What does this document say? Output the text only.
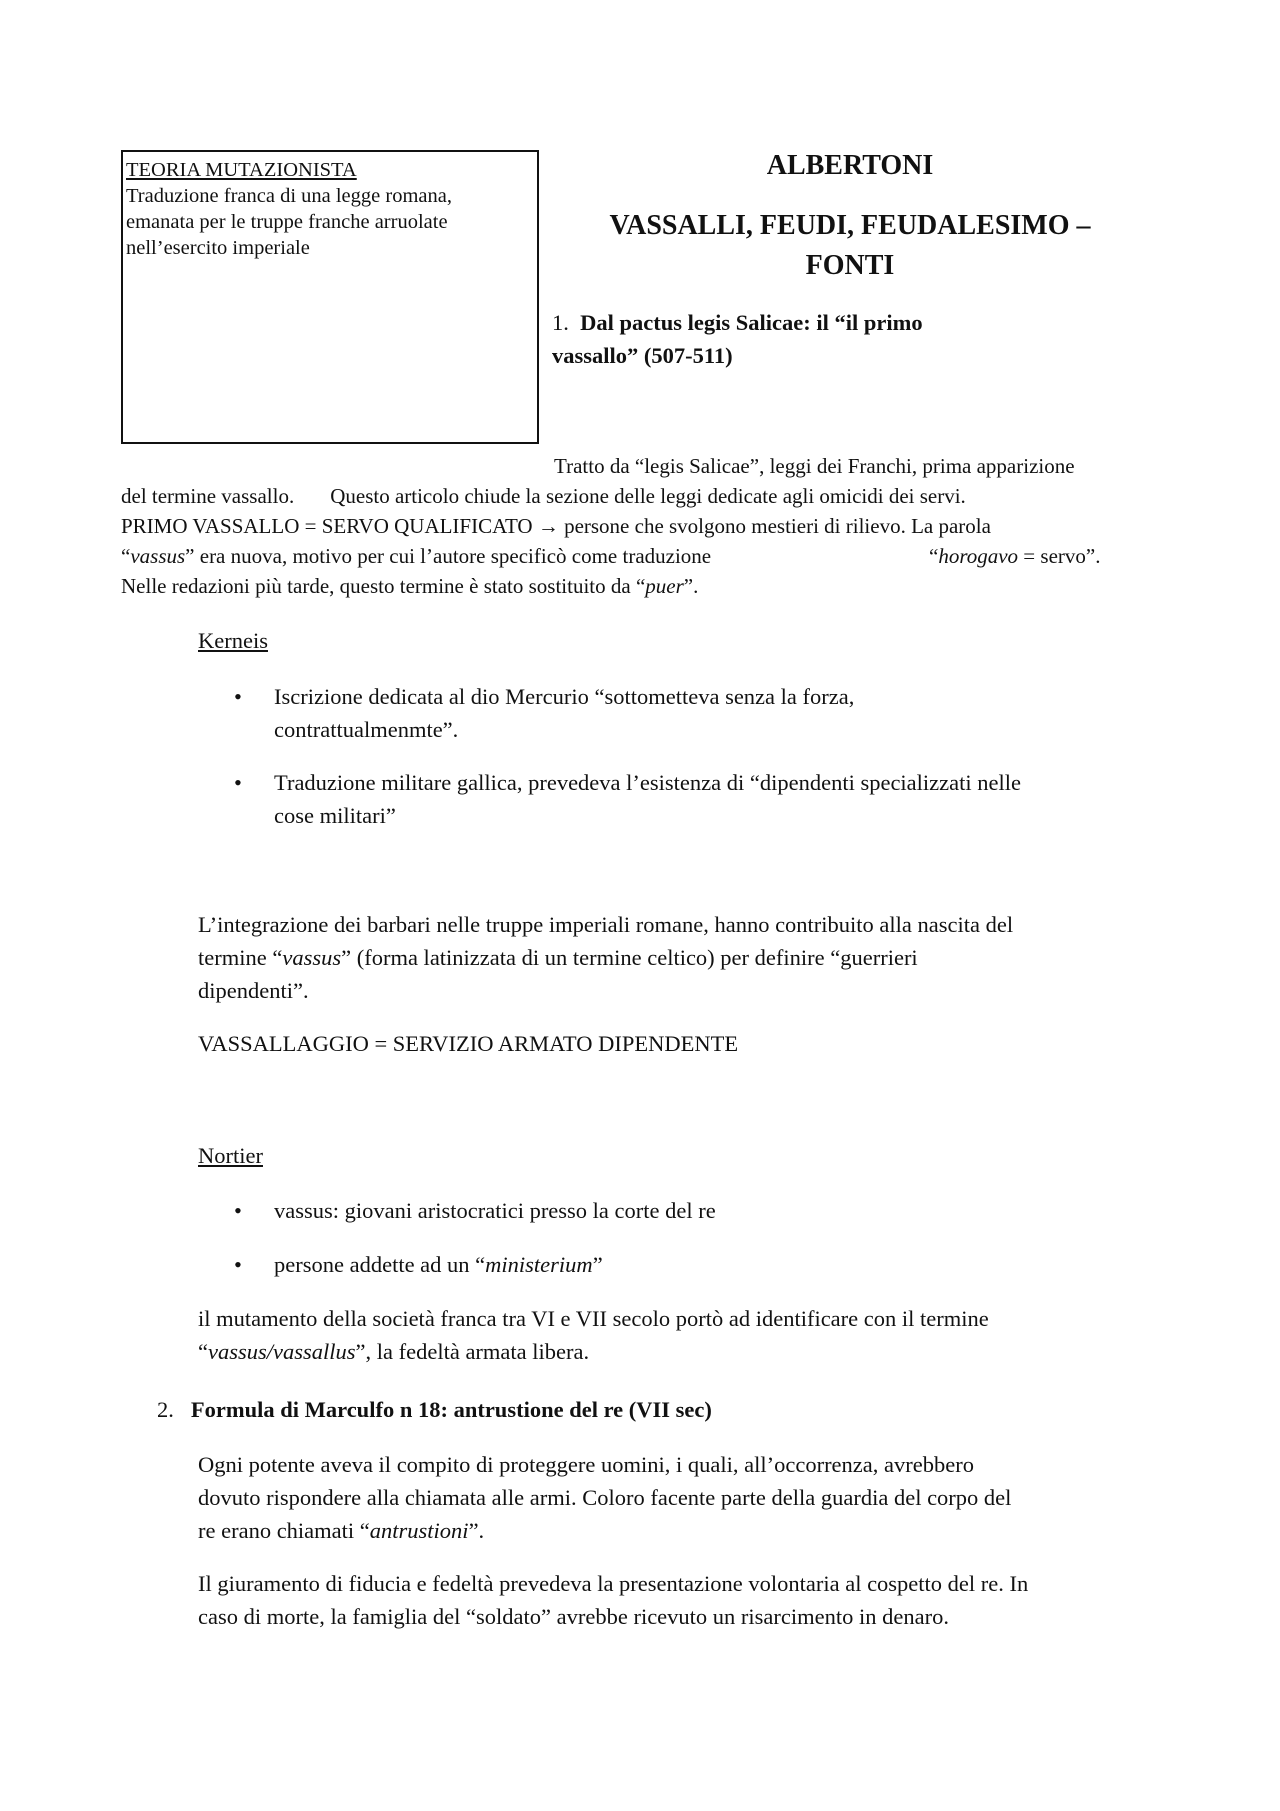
TEORIA MUTAZIONISTA
Traduzione franca di una legge romana,
emanata per le truppe franche arruolate
nell’esercito imperiale
ALBERTONI
VASSALLI, FEUDI, FEUDALESIMO –
FONTI
1. Dal pactus legis Salicae: il “il primo
vassallo” (507-511)
Tratto da “legis Salicae”, leggi dei Franchi, prima apparizione
del termine vassallo. Questo articolo chiude la sezione delle leggi dedicate agli omicidi dei servi.
PRIMO VASSALLO = SERVO QUALIFICATO → persone che svolgono mestieri di rilievo. La parola
“vassus” era nuova, motivo per cui l’autore specificò come traduzione	“horogavo = servo”.
Nelle redazioni più tarde, questo termine è stato sostituito da “puer”.
Kerneis
• Iscrizione dedicata al dio Mercurio “sottometteva senza la forza,
contrattualmenmte”.
• Traduzione militare gallica, prevedeva l’esistenza di “dipendenti specializzati nelle
cose militari”
L’integrazione dei barbari nelle truppe imperiali romane, hanno contribuito alla nascita del
termine “vassus” (forma latinizzata di un termine celtico) per definire “guerrieri
dipendenti”.
VASSALLAGGIO = SERVIZIO ARMATO DIPENDENTE
Nortier
• vassus: giovani aristocratici presso la corte del re
• persone addette ad un “ministerium”
il mutamento della società franca tra VI e VII secolo portò ad identificare con il termine
“vassus/vassallus”, la fedeltà armata libera.
2. Formula di Marculfo n 18: antrustione del re (VII sec)
Ogni potente aveva il compito di proteggere uomini, i quali, all’occorrenza, avrebbero
dovuto rispondere alla chiamata alle armi. Coloro facente parte della guardia del corpo del
re erano chiamati “antrustioni”.
Il giuramento di fiducia e fedeltà prevedeva la presentazione volontaria al cospetto del re. In
caso di morte, la famiglia del “soldato” avrebbe ricevuto un risarcimento in denaro.
